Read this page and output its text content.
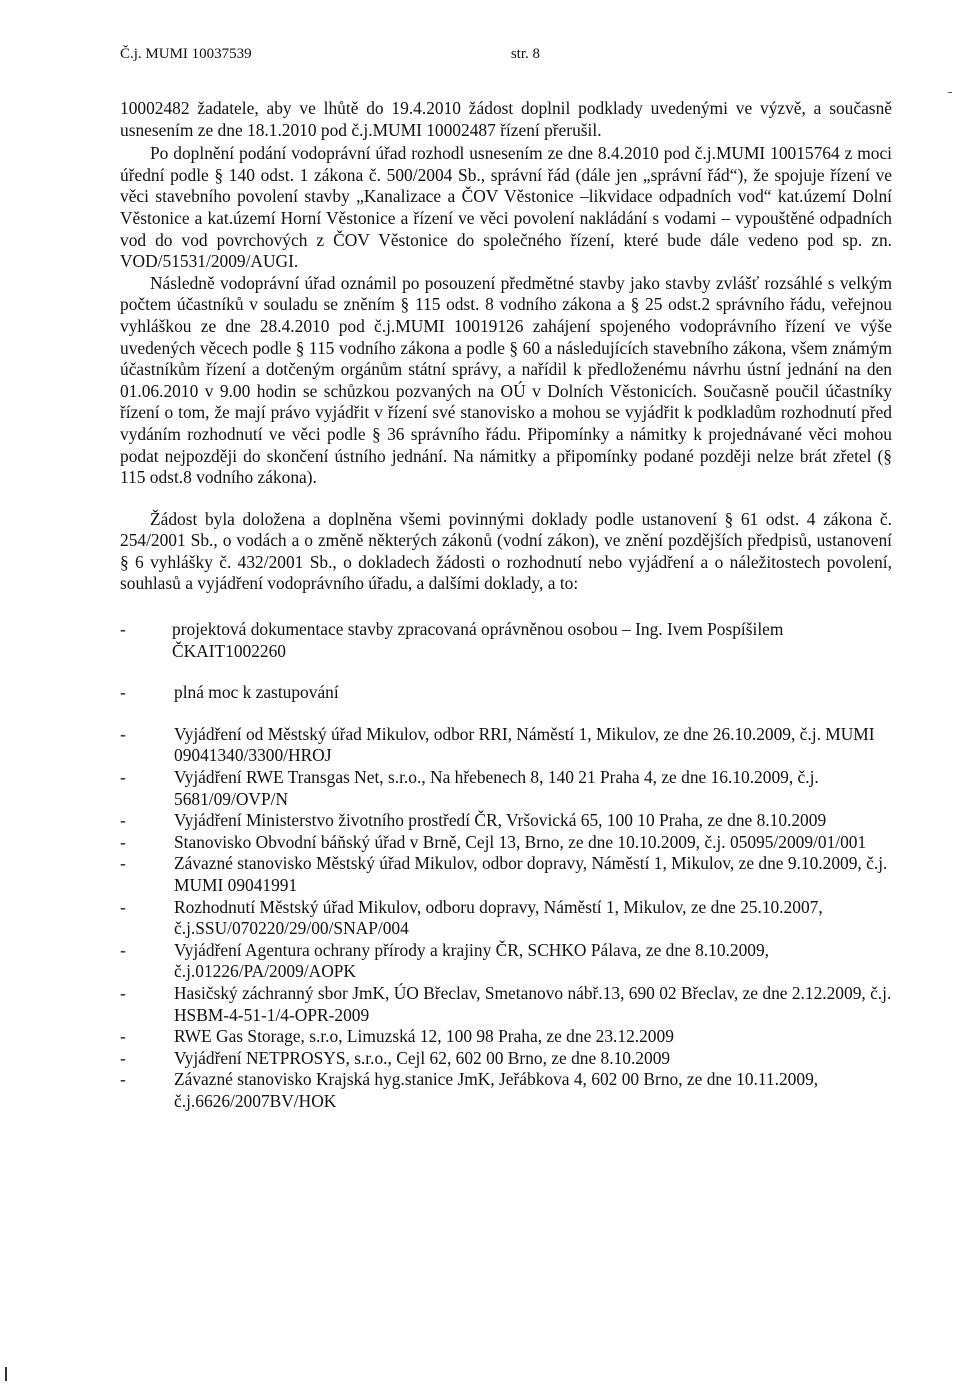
Č.j. MUMI 10037539	str. 8

10002482 žadatele, aby ve lhůtě do 19.4.2010 žádost doplnil podklady uvedenými ve výzvě, a současně usnesením ze dne 18.1.2010 pod č.j.MUMI 10002487 řízení přerušil.

Po doplnění podání vodoprávní úřad rozhodl usnesením ze dne 8.4.2010 pod č.j.MUMI 10015764 z moci úřední podle § 140 odst. 1 zákona č. 500/2004 Sb., správní řád (dále jen „správní řád“), že spojuje řízení ve věci stavebního povolení stavby „Kanalizace a ČOV Věstonice –likvidace odpadních vod“ kat.území Dolní Věstonice a kat.území Horní Věstonice a řízení ve věci povolení nakládání s vodami – vypouštěné odpadních vod do vod povrchových z ČOV Věstonice do společného řízení, které bude dále vedeno pod sp. zn. VOD/51531/2009/AUGI.

Následně vodoprávní úřad oznámil po posouzení předmětné stavby jako stavby zvlášť rozsáhlé s velkým počtem účastníků v souladu se zněním § 115 odst. 8 vodního zákona a § 25 odst.2 správního řádu, veřejnou vyhláškou ze dne 28.4.2010 pod č.j.MUMI 10019126 zahájení spojeného vodoprávního řízení ve výše uvedených věcech podle § 115 vodního zákona a podle § 60 a následujících stavebního zákona, všem známým účastníkům řízení a dotčeným orgánům státní správy, a nařídil k předloženému návrhu ústní jednání na den 01.06.2010 v 9.00 hodin se schůzkou pozvaných na OÚ v Dolních Věstonicích. Současně poučil účastníky řízení o tom, že mají právo vyjádřit v řízení své stanovisko a mohou se vyjádřit k podkladům rozhodnutí před vydáním rozhodnutí ve věci podle § 36 správního řádu. Připomínky a námitky k projednávané věci mohou podat nejpozději do skončení ústního jednání. Na námitky a připomínky podané později nelze brát zřetel (§ 115 odst.8 vodního zákona).

Žádost byla doložena a doplněna všemi povinnými doklady podle ustanovení § 61 odst. 4 zákona č. 254/2001 Sb., o vodách a o změně některých zákonů (vodní zákon), ve znění pozdějších předpisů, ustanovení § 6 vyhlášky č. 432/2001 Sb., o dokladech žádosti o rozhodnutí nebo vyjádření a o náležitostech povolení, souhlasů a vyjádření vodoprávního úřadu, a dalšími doklady, a to:

-	projektová dokumentace stavby zpracovaná oprávněnou osobou – Ing. Ivem Pospíšilem ČKAIT1002260
-	plná moc k zastupování
-	Vyjádření od Městský úřad Mikulov, odbor RRI, Náměstí 1, Mikulov, ze dne 26.10.2009, č.j. MUMI 09041340/3300/HROJ
-	Vyjádření RWE Transgas Net, s.r.o., Na hřebenech 8, 140 21 Praha 4, ze dne 16.10.2009, č.j. 5681/09/OVP/N
-	Vyjádření Ministerstvo životního prostředí ČR, Vršovická 65, 100 10 Praha, ze dne 8.10.2009
-	Stanovisko Obvodní báňský úřad v Brně, Cejl 13, Brno, ze dne 10.10.2009, č.j. 05095/2009/01/001
-	Závazné stanovisko Městský úřad Mikulov, odbor dopravy, Náměstí 1, Mikulov, ze dne 9.10.2009, č.j. MUMI 09041991
-	Rozhodnutí Městský úřad Mikulov, odboru dopravy, Náměstí 1, Mikulov, ze dne 25.10.2007, č.j.SSU/070220/29/00/SNAP/004
-	Vyjádření Agentura ochrany přírody a krajiny ČR, SCHKO Pálava, ze dne 8.10.2009, č.j.01226/PA/2009/AOPK
-	Hasičský záchranný sbor JmK, ÚO Břeclav, Smetanovo nábř.13, 690 02 Břeclav, ze dne 2.12.2009, č.j. HSBM-4-51-1/4-OPR-2009
-	RWE Gas Storage, s.r.o, Limuzská 12, 100 98 Praha, ze dne 23.12.2009
-	Vyjádření NETPROSYS, s.r.o., Cejl 62, 602 00 Brno, ze dne 8.10.2009
-	Závazné stanovisko Krajská hyg.stanice JmK, Jeřábkova 4, 602 00 Brno, ze dne 10.11.2009, č.j.6626/2007BV/HOK
